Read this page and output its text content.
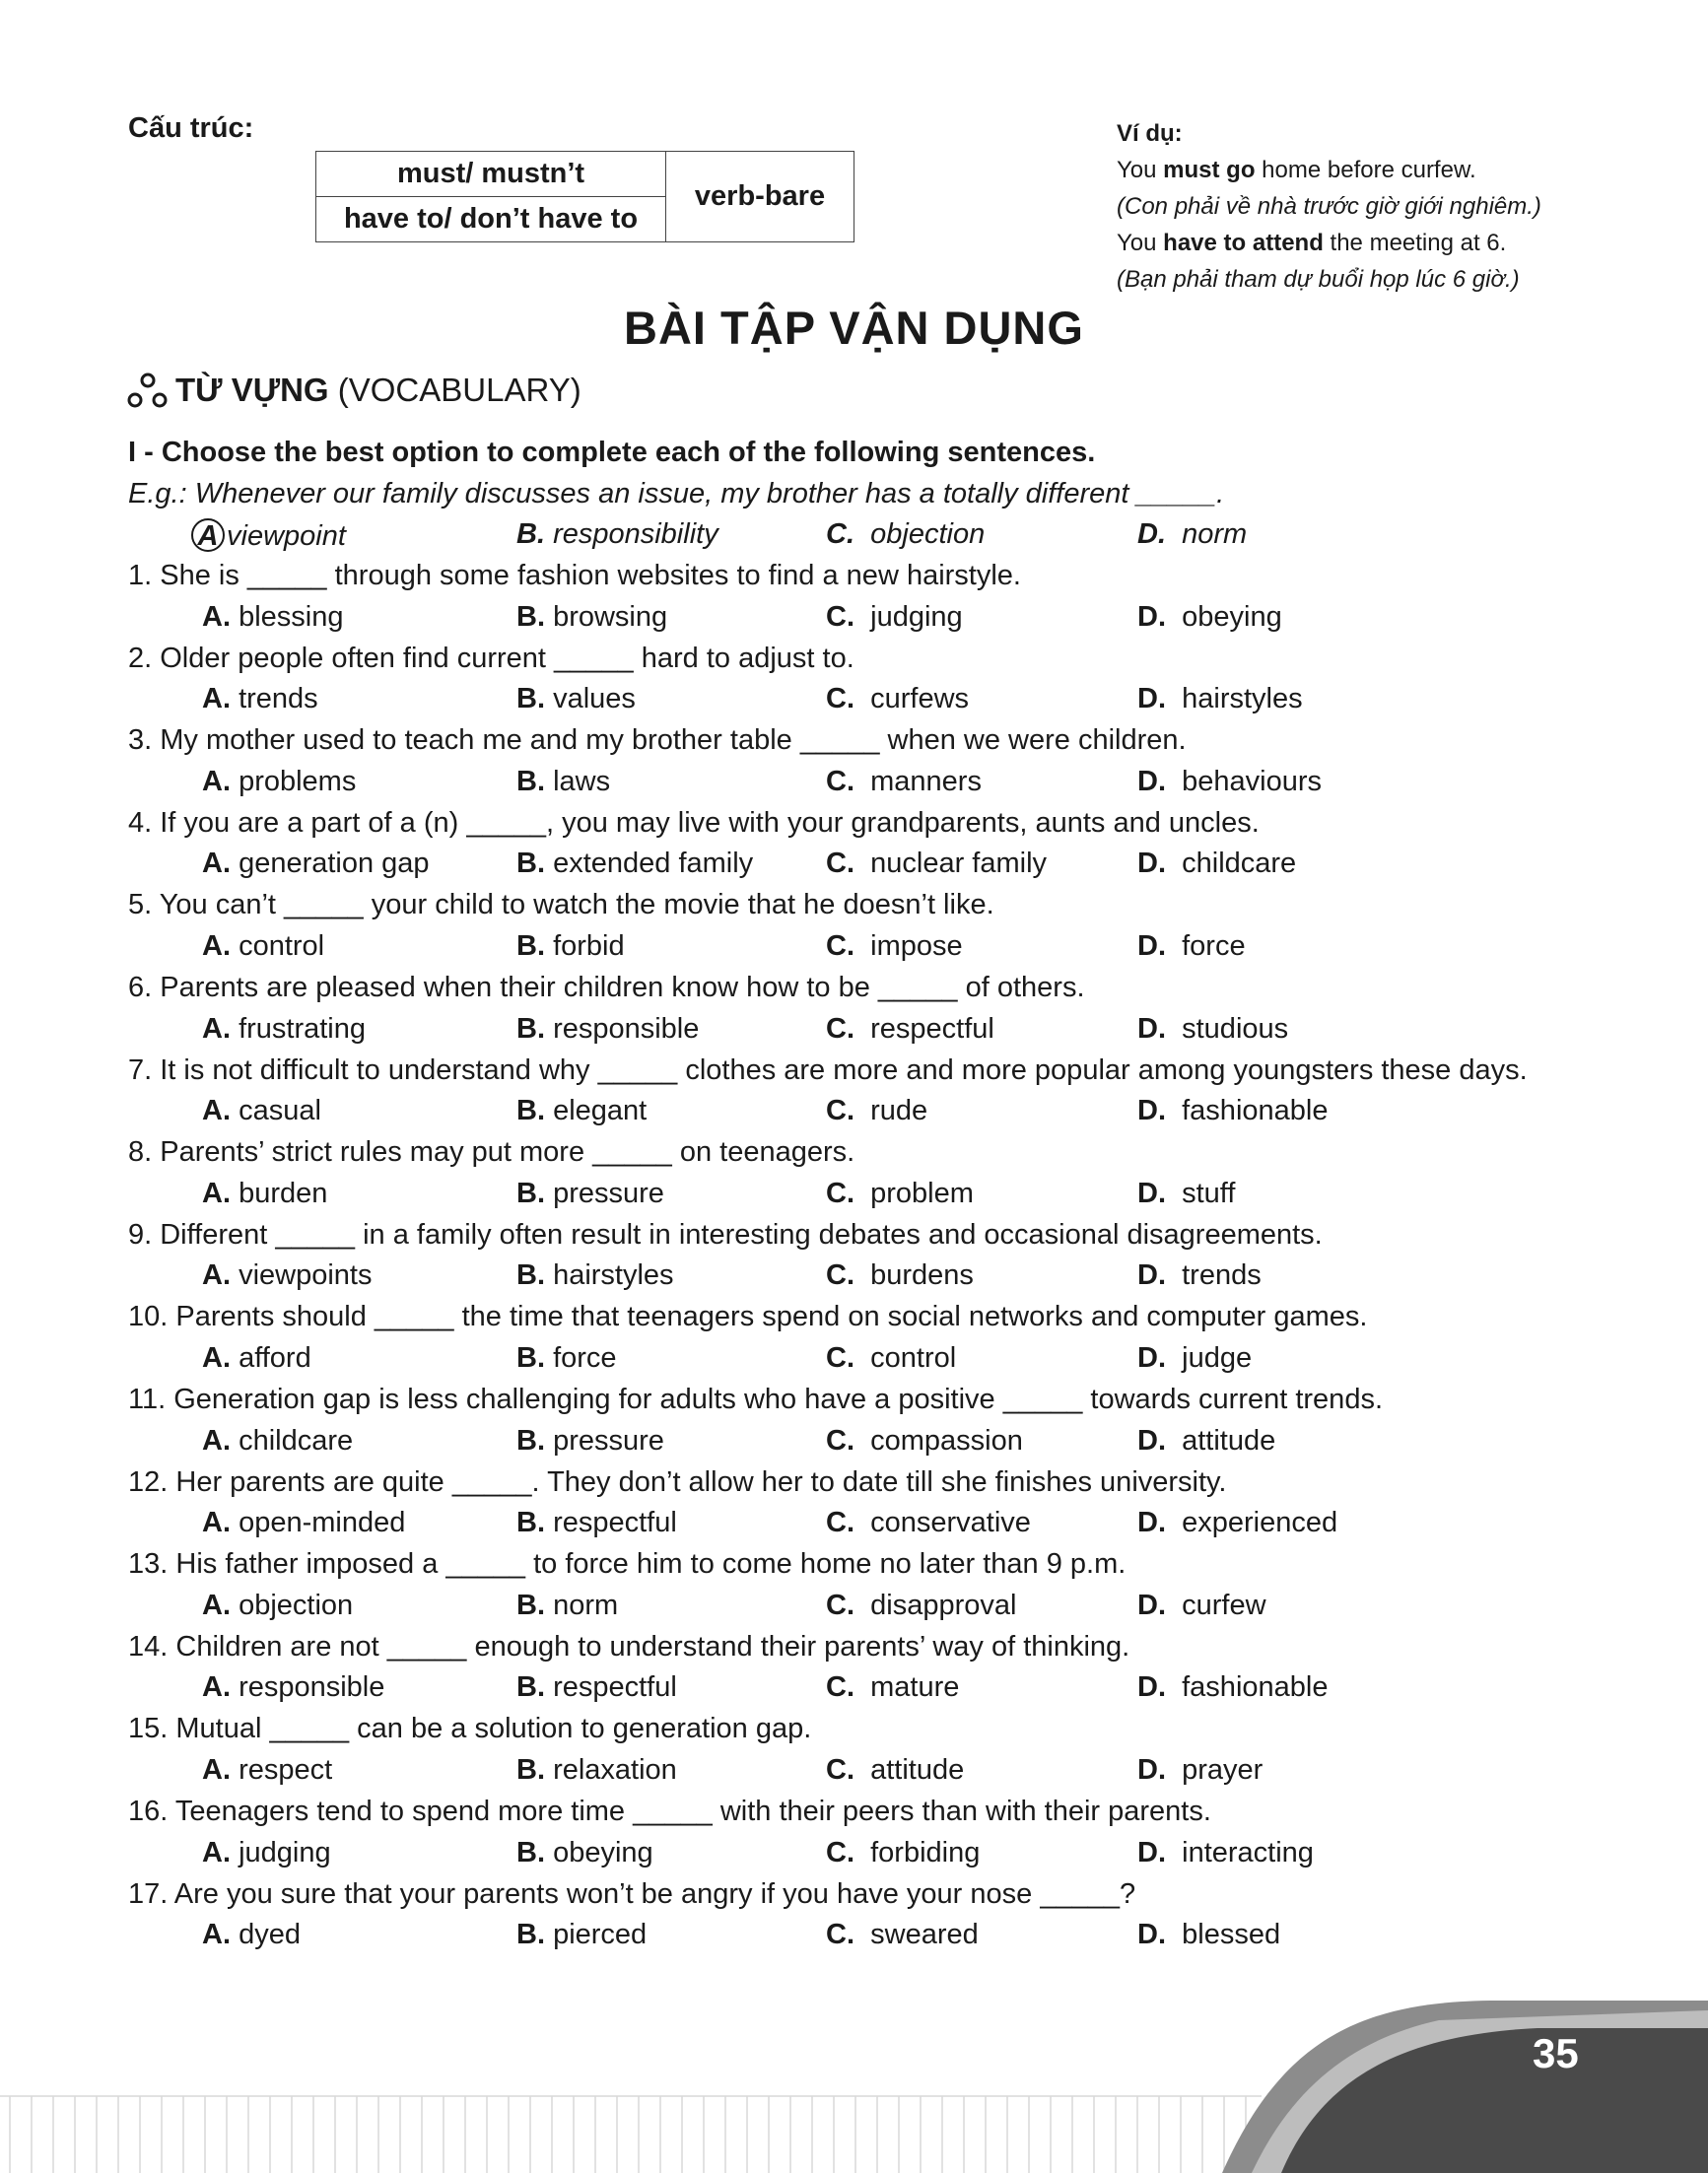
Cấu trúc:
must/ mustn’t	verb-bare
have to/ don’t have to
Ví dụ:
You must go home before curfew.
(Con phải về nhà trước giờ giới nghiêm.)
You have to attend the meeting at 6.
(Bạn phải tham dự buổi họp lúc 6 giờ.)
BÀI TẬP VẬN DỤNG
TỪ VỰNG (VOCABULARY)
I - Choose the best option to complete each of the following sentences.
E.g.: Whenever our family discusses an issue, my brother has a totally different _____.
A viewpoint	B. responsibility	C. objection	D. norm
1. She is _____ through some fashion websites to find a new hairstyle.
A. blessing	B. browsing	C. judging	D. obeying
2. Older people often find current _____ hard to adjust to.
A. trends	B. values	C. curfews	D. hairstyles
3. My mother used to teach me and my brother table _____ when we were children.
A. problems	B. laws	C. manners	D. behaviours
4. If you are a part of a (n) _____, you may live with your grandparents, aunts and uncles.
A. generation gap	B. extended family	C. nuclear family	D.  childcare
5. You can’t _____ your child to watch the movie that he doesn’t like.
A. control	B. forbid	C. impose	D. force
6. Parents are pleased when their children know how to be _____ of others.
A. frustrating	B. responsible	C. respectful	D. studious
7. It is not difficult to understand why _____ clothes are more and more popular among youngsters these days.
A. casual	B. elegant	C. rude	D. fashionable
8. Parents’ strict rules may put more _____ on teenagers.
A. burden	B. pressure	C. problem	D. stuff
9. Different _____ in a family often result in interesting debates and occasional disagreements.
A. viewpoints	B. hairstyles	C. burdens	D. trends
10. Parents should _____ the time that teenagers spend on social networks and computer games.
A. afford	B. force	C. control	D. judge
11. Generation gap is less challenging for adults who have a positive _____ towards current trends.
A. childcare	B. pressure	C. compassion	D. attitude
12. Her parents are quite _____. They don’t allow her to date till she finishes university.
A. open-minded	B. respectful	C. conservative	D.  experienced
13. His father imposed a _____ to force him to come home no later than 9 p.m.
A. objection	B. norm	C. disapproval	D. curfew
14. Children are not _____ enough to understand their parents’ way of thinking.
A. responsible	B. respectful	C. mature	D. fashionable
15. Mutual _____ can be a solution to generation gap.
A. respect	B. relaxation	C. attitude	D. prayer
16. Teenagers tend to spend more time _____ with their peers than with their parents.
A. judging	B. obeying	C. forbiding	D. interacting
17. Are you sure that your parents won’t be angry if you have your nose _____?
A. dyed	B. pierced	C. sweared	D. blessed
35
